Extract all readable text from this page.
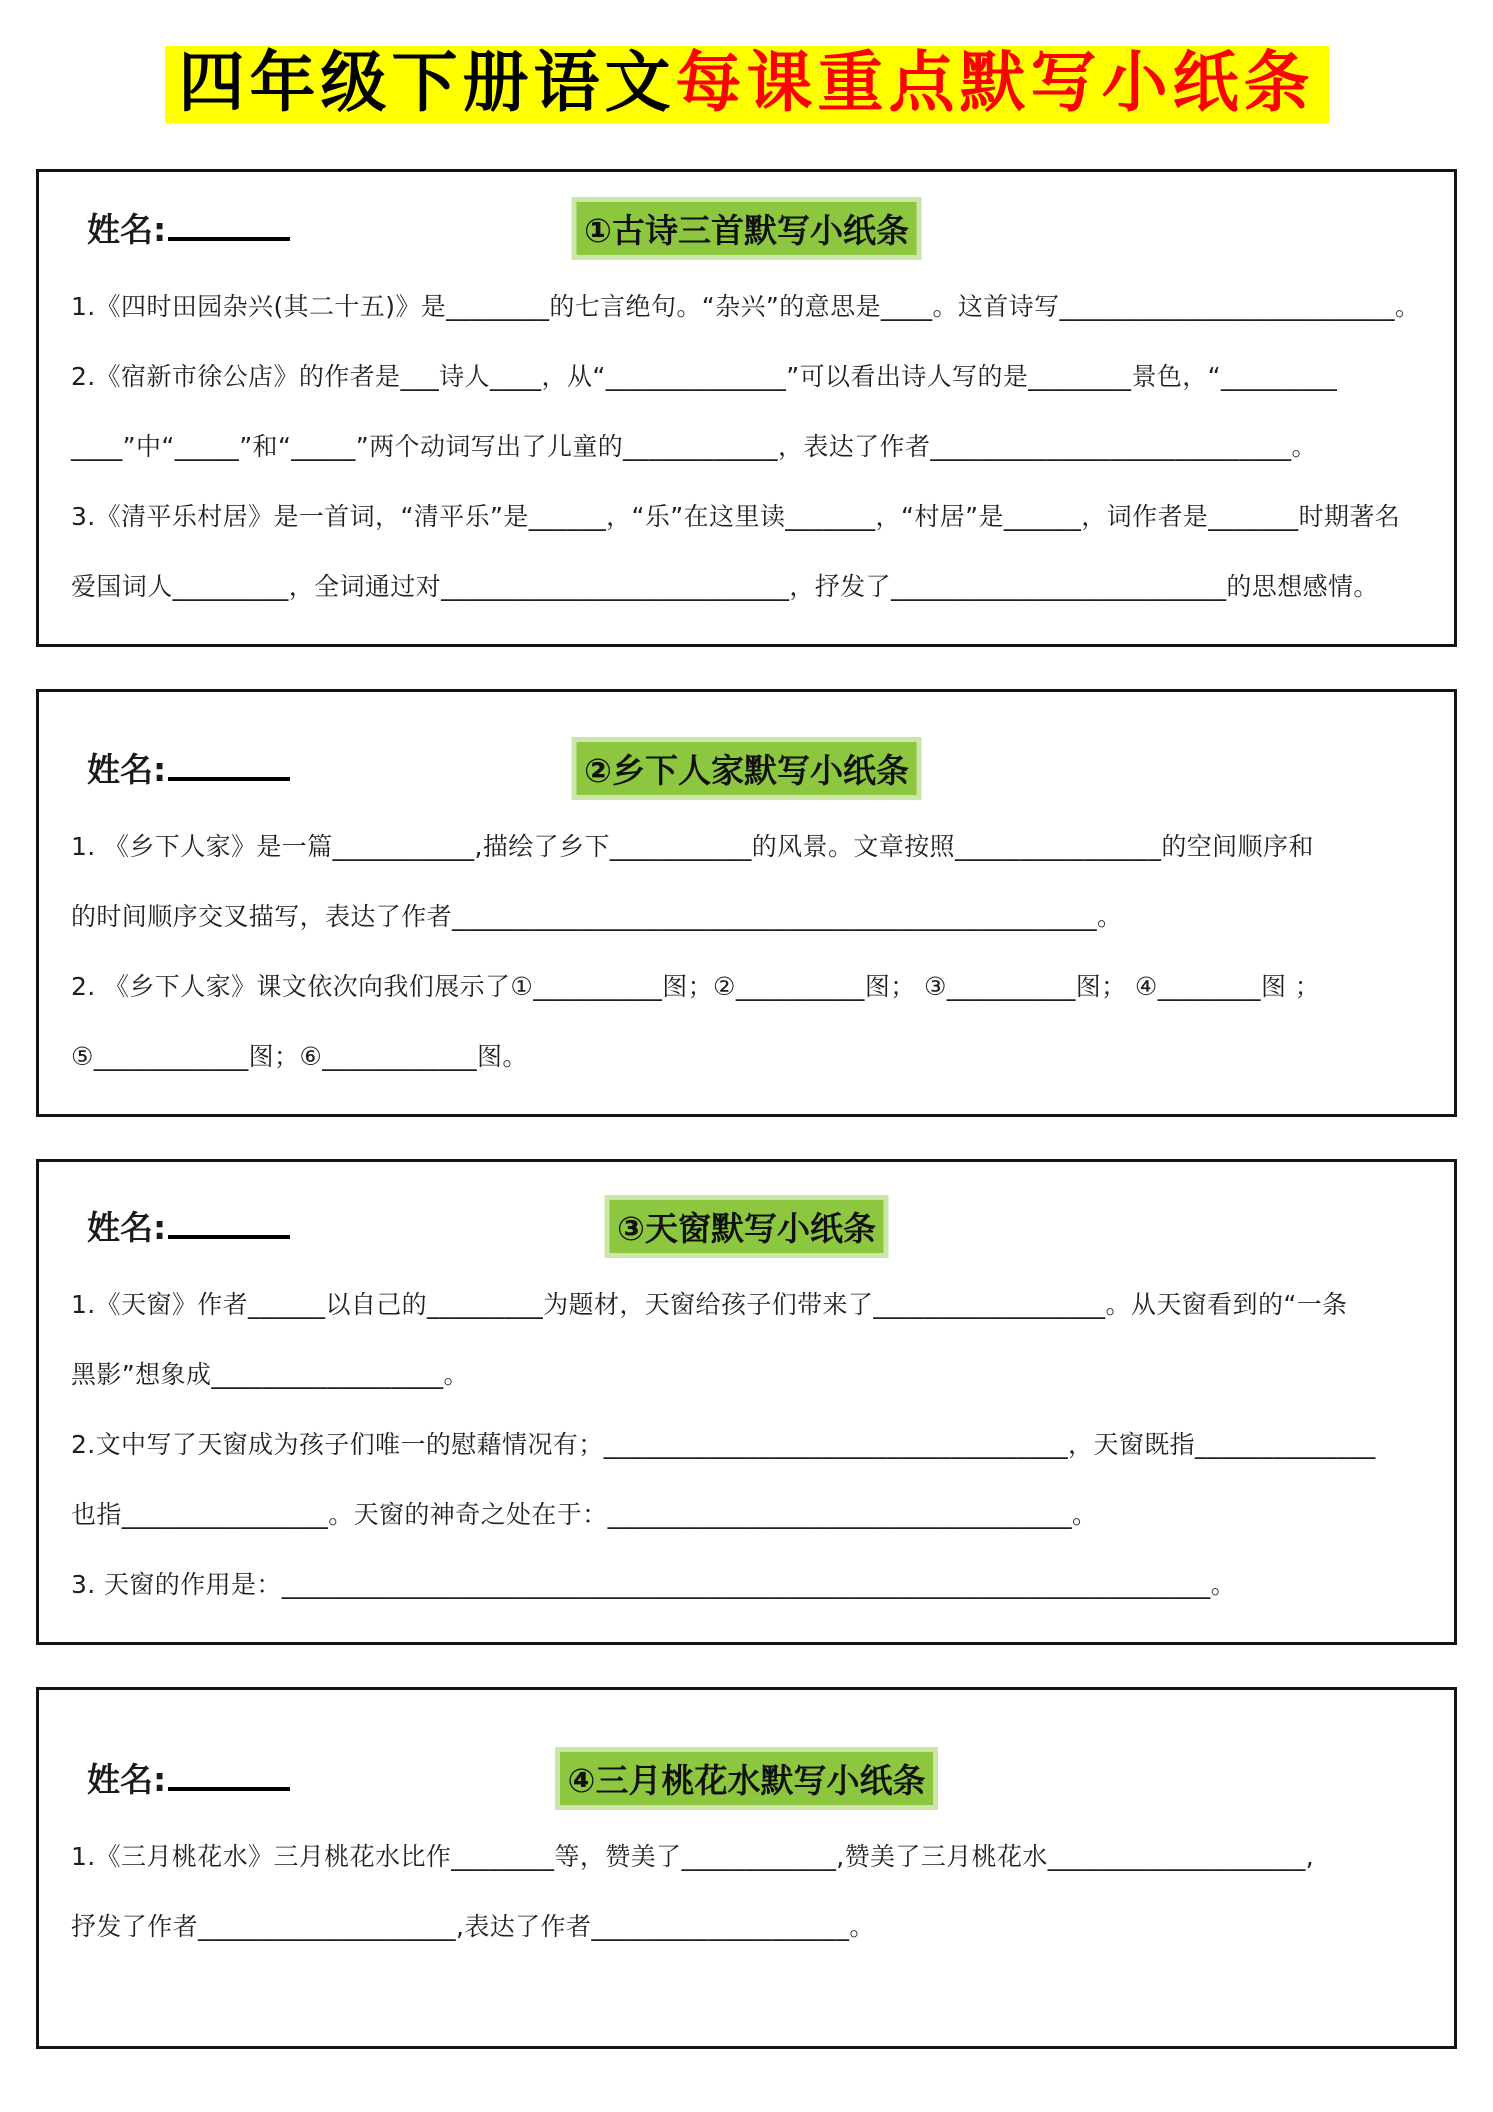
四年级下册语文每课重点默写小纸条
姓名:	①古诗三首默写小纸条
1.《四时田园杂兴(其二十五)》是________的七言绝句。“杂兴”的意思是____。这首诗写__________________________。
2.《宿新市徐公店》的作者是___诗人____，从“______________”可以看出诗人写的是________景色，“_________
____”中“_____”和“_____”两个动词写出了儿童的____________，表达了作者____________________________。
3.《清平乐村居》是一首词，“清平乐”是______，“乐”在这里读_______，“村居”是______，词作者是_______时期著名
爱国词人_________，全词通过对___________________________，抒发了__________________________的思想感情。
姓名:	②乡下人家默写小纸条
1. 《乡下人家》是一篇___________,描绘了乡下___________的风景。文章按照________________的空间顺序和
的时间顺序交叉描写，表达了作者__________________________________________________。
2. 《乡下人家》课文依次向我们展示了①__________图；②__________图； ③__________图； ④________图 ；
⑤____________图；⑥____________图。
姓名:	③天窗默写小纸条
1.《天窗》作者______以自己的_________为题材，天窗给孩子们带来了__________________。从天窗看到的“一条
黑影”想象成__________________。
2.文中写了天窗成为孩子们唯一的慰藉情况有；____________________________________，天窗既指______________
也指________________。天窗的神奇之处在于：____________________________________。
3. 天窗的作用是：________________________________________________________________________。
姓名:	④三月桃花水默写小纸条
1.《三月桃花水》三月桃花水比作________等，赞美了____________,赞美了三月桃花水____________________,
抒发了作者____________________,表达了作者____________________。
